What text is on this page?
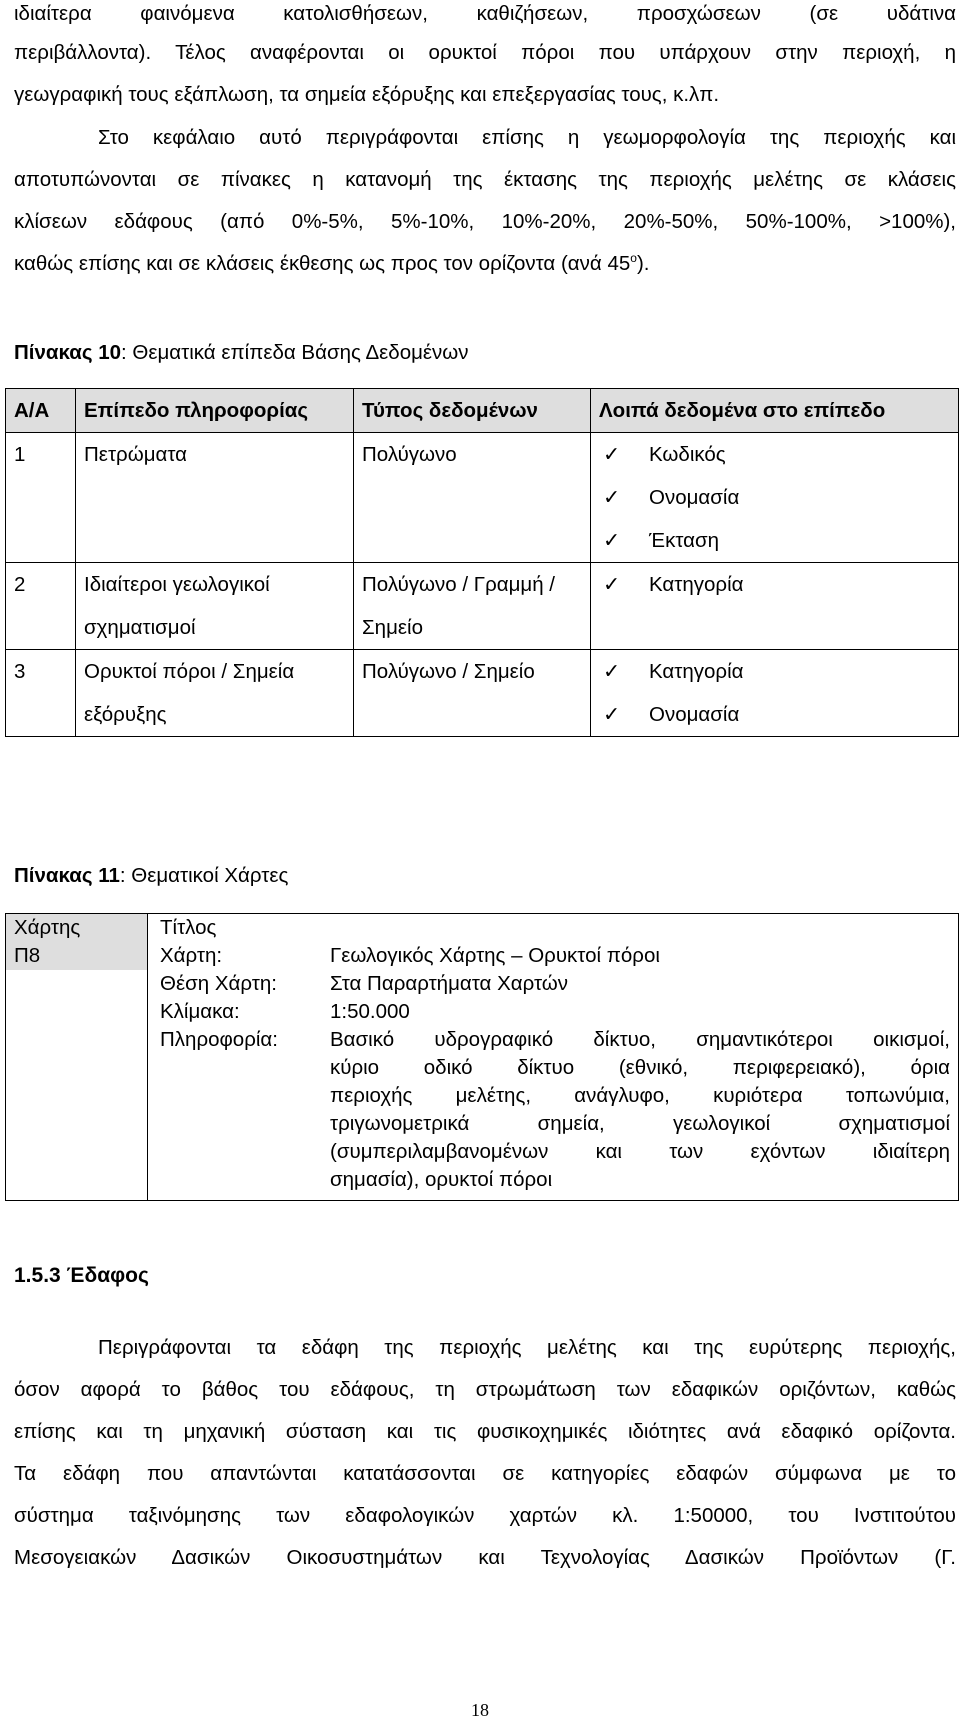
ιδιαίτερα φαινόμενα κατολισθήσεων, καθιζήσεων, προσχώσεων (σε υδάτινα
περιβάλλοντα). Τέλος αναφέρονται οι ορυκτοί πόροι που υπάρχουν στην περιοχή, η
γεωγραφική τους εξάπλωση, τα σημεία εξόρυξης και επεξεργασίας τους, κ.λπ.
Στο κεφάλαιο αυτό περιγράφονται επίσης η γεωμορφολογία της περιοχής και
αποτυπώνονται σε πίνακες η κατανομή της έκτασης της περιοχής μελέτης σε κλάσεις
κλίσεων εδάφους (από 0%-5%, 5%-10%, 10%-20%, 20%-50%, 50%-100%, >100%),
καθώς επίσης και σε κλάσεις έκθεσης ως προς τον ορίζοντα (ανά $45^o$).
Πίνακας 10: Θεματικά επίπεδα Βάσης Δεδομένων
Α/Α	Επίπεδο πληροφορίας	Τύπος δεδομένων	Λοιπά δεδομένα στο επίπεδο
1	Πετρώματα	Πολύγωνο	✓ Κωδικός
✓ Ονομασία
✓ Έκταση

2	Ιδιαίτεροι γεωλογικοί σχηματισμοί	Πολύγωνο / Γραμμή / Σημείο	✓ Κατηγορία

3	Ορυκτοί πόροι / Σημεία εξόρυξης	Πολύγωνο / Σημείο	✓ Κατηγορία
✓ Ονομασία
Πίνακας 11: Θεματικοί Χάρτες
Χάρτης
Π8

Τίτλος
Χάρτη:	Γεωλογικός Χάρτης – Ορυκτοί πόροι
Θέση Χάρτη:	Στα Παραρτήματα Χαρτών
Κλίμακα:	1:50.000
Πληροφορία:	Βασικό υδρογραφικό δίκτυο, σημαντικότεροι οικισμοί,
κύριο οδικό δίκτυο (εθνικό, περιφερειακό), όρια
περιοχής μελέτης, ανάγλυφο, κυριότερα τοπωνύμια,
τριγωνομετρικά σημεία, γεωλογικοί σχηματισμοί
(συμπεριλαμβανομένων και των εχόντων ιδιαίτερη
σημασία), ορυκτοί πόροι
1.5.3 Έδαφος
Περιγράφονται τα εδάφη της περιοχής μελέτης και της ευρύτερης περιοχής,
όσον αφορά το βάθος του εδάφους, τη στρωμάτωση των εδαφικών οριζόντων, καθώς
επίσης και τη μηχανική σύσταση και τις φυσικοχημικές ιδιότητες ανά εδαφικό ορίζοντα.
Τα εδάφη που απαντώνται κατατάσσονται σε κατηγορίες εδαφών σύμφωνα με το
σύστημα ταξινόμησης των εδαφολογικών χαρτών κλ. 1:50000, του Ινστιτούτου
Μεσογειακών Δασικών Οικοσυστημάτων και Τεχνολογίας Δασικών Προϊόντων (Γ.
18
